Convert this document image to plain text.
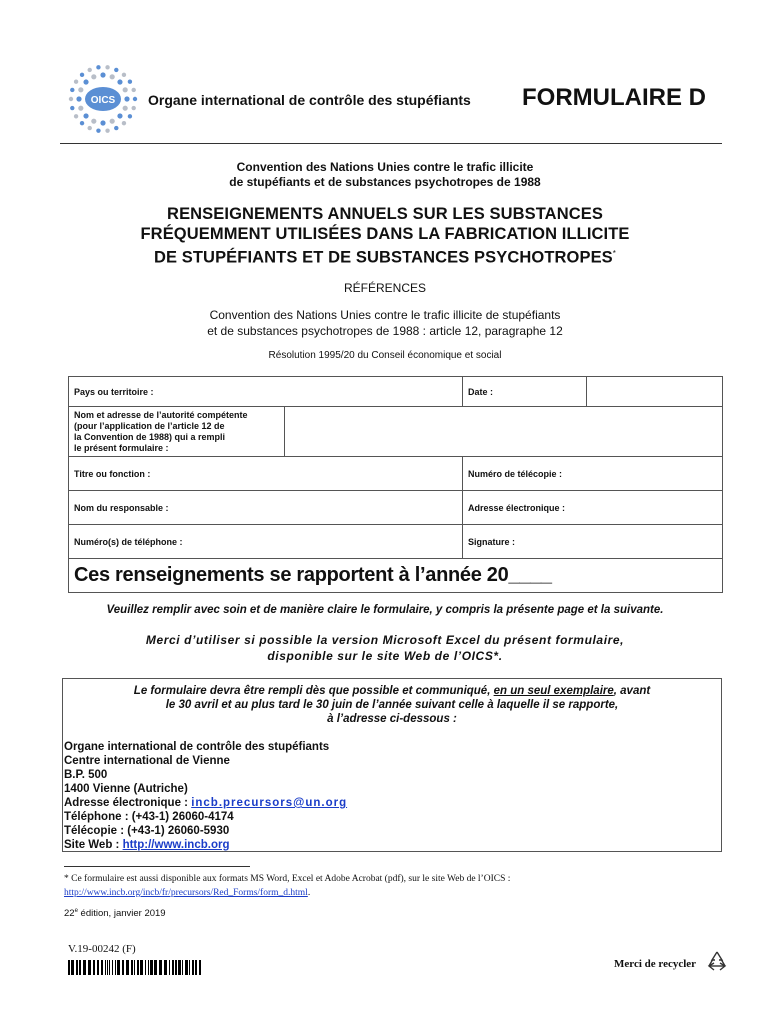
OICS Organe international de contrôle des stupéfiants FORMULAIRE D
Convention des Nations Unies contre le trafic illicite
de stupéfiants et de substances psychotropes de 1988
RENSEIGNEMENTS ANNUELS SUR LES SUBSTANCES
FRÉQUEMMENT UTILISÉES DANS LA FABRICATION ILLICITE
DE STUPÉFIANTS ET DE SUBSTANCES PSYCHOTROPES*
RÉFÉRENCES
Convention des Nations Unies contre le trafic illicite de stupéfiants
et de substances psychotropes de 1988 : article 12, paragraphe 12
Résolution 1995/20 du Conseil économique et social
Pays ou territoire :		Date :	

Nom et adresse de l’autorité compétente
(pour l’application de l’article 12 de
la Convention de 1988) qui a rempli
le présent formulaire :			

Titre ou fonction :		Numéro de télécopie :	
Nom du responsable :		Adresse électronique :	
Numéro(s) de téléphone :		Signature :	
Ces renseignements se rapportent à l’année 20____			
Veuillez remplir avec soin et de manière claire le formulaire, y compris la présente page et la suivante.
Merci d’utiliser si possible la version Microsoft Excel du présent formulaire,
disponible sur le site Web de l’OICS*.
Le formulaire devra être rempli dès que possible et communiqué, en un seul exemplaire, avant
le 30 avril et au plus tard le 30 juin de l’année suivant celle à laquelle il se rapporte,
à l’adresse ci-dessous :
Organe international de contrôle des stupéfiants
Centre international de Vienne
B.P. 500
1400 Vienne (Autriche)
Adresse électronique : incb.precursors@un.org
Téléphone : (+43-1) 26060-4174
Télécopie : (+43-1) 26060-5930
Site Web : http://www.incb.org
* Ce formulaire est aussi disponible aux formats MS Word, Excel et Adobe Acrobat (pdf), sur le site Web de l’OICS :
http://www.incb.org/incb/fr/precursors/Red_Forms/form_d.html.
22e édition, janvier 2019
V.19-00242 (F)
Merci de recycler
